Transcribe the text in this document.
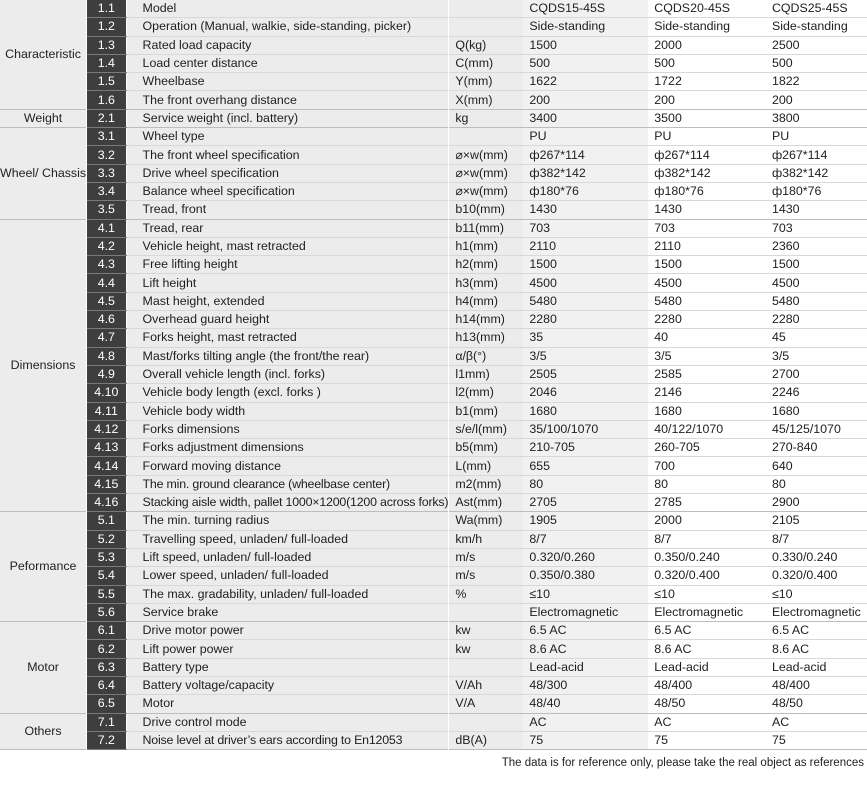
Characteristic	1.1	Model		CQDS15-45S	CQDS20-45S	CQDS25-45S
	1.2	Operation (Manual, walkie, side-standing, picker)		Side-standing	Side-standing	Side-standing
	1.3	Rated load capacity	Q(kg)	1500	2000	2500
	1.4	Load center distance	C(mm)	500	500	500
	1.5	Wheelbase	Y(mm)	1622	1722	1822
	1.6	The front overhang distance	X(mm)	200	200	200
Weight	2.1	Service weight (incl. battery)	kg	3400	3500	3800
Wheel/ Chassis	3.1	Wheel type		PU	PU	PU
	3.2	The front wheel specification	⌀×w(mm)	ф267*114	ф267*114	ф267*114
	3.3	Drive wheel specification	⌀×w(mm)	ф382*142	ф382*142	ф382*142
	3.4	Balance wheel specification	⌀×w(mm)	ф180*76	ф180*76	ф180*76
	3.5	Tread, front	b10(mm)	1430	1430	1430
Dimensions	4.1	Tread, rear	b11(mm)	703	703	703
	4.2	Vehicle height, mast retracted	h1(mm)	2110	2110	2360
	4.3	Free lifting height	h2(mm)	1500	1500	1500
	4.4	Lift height	h3(mm)	4500	4500	4500
	4.5	Mast height, extended	h4(mm)	5480	5480	5480
	4.6	Overhead guard height	h14(mm)	2280	2280	2280
	4.7	Forks height, mast retracted	h13(mm)	35	40	45
	4.8	Mast/forks tilting angle (the front/the rear)	α/β(°)	3/5	3/5	3/5
	4.9	Overall vehicle length (incl. forks)	l1mm)	2505	2585	2700
	4.10	Vehicle body length (excl. forks )	l2(mm)	2046	2146	2246
	4.11	Vehicle body width	b1(mm)	1680	1680	1680
	4.12	Forks dimensions	s/e/l(mm)	35/100/1070	40/122/1070	45/125/1070
	4.13	Forks adjustment dimensions	b5(mm)	210-705	260-705	270-840
	4.14	Forward moving distance	L(mm)	655	700	640
	4.15	The min. ground clearance (wheelbase center)	m2(mm)	80	80	80
	4.16	Stacking aisle width, pallet 1000×1200(1200 across forks)	Ast(mm)	2705	2785	2900
Peformance	5.1	The min. turning radius	Wa(mm)	1905	2000	2105
	5.2	Travelling speed, unladen/ full-loaded	km/h	8/7	8/7	8/7
	5.3	Lift speed, unladen/ full-loaded	m/s	0.320/0.260	0.350/0.240	0.330/0.240
	5.4	Lower speed, unladen/ full-loaded	m/s	0.350/0.380	0.320/0.400	0.320/0.400
	5.5	The max. gradability, unladen/ full-loaded	%	≤10	≤10	≤10
	5.6	Service brake		Electromagnetic	Electromagnetic	Electromagnetic
Motor	6.1	Drive motor power	kw	6.5 AC	6.5 AC	6.5 AC
	6.2	Lift power power	kw	8.6 AC	8.6 AC	8.6 AC
	6.3	Battery type		Lead-acid	Lead-acid	Lead-acid
	6.4	Battery voltage/capacity	V/Ah	48/300	48/400	48/400
	6.5	Motor	V/A	48/40	48/50	48/50
Others	7.1	Drive control mode		AC	AC	AC
	7.2	Noise level at driver’s ears according to En12053	dB(A)	75	75	75
The data is for reference only, please take the real object as references
